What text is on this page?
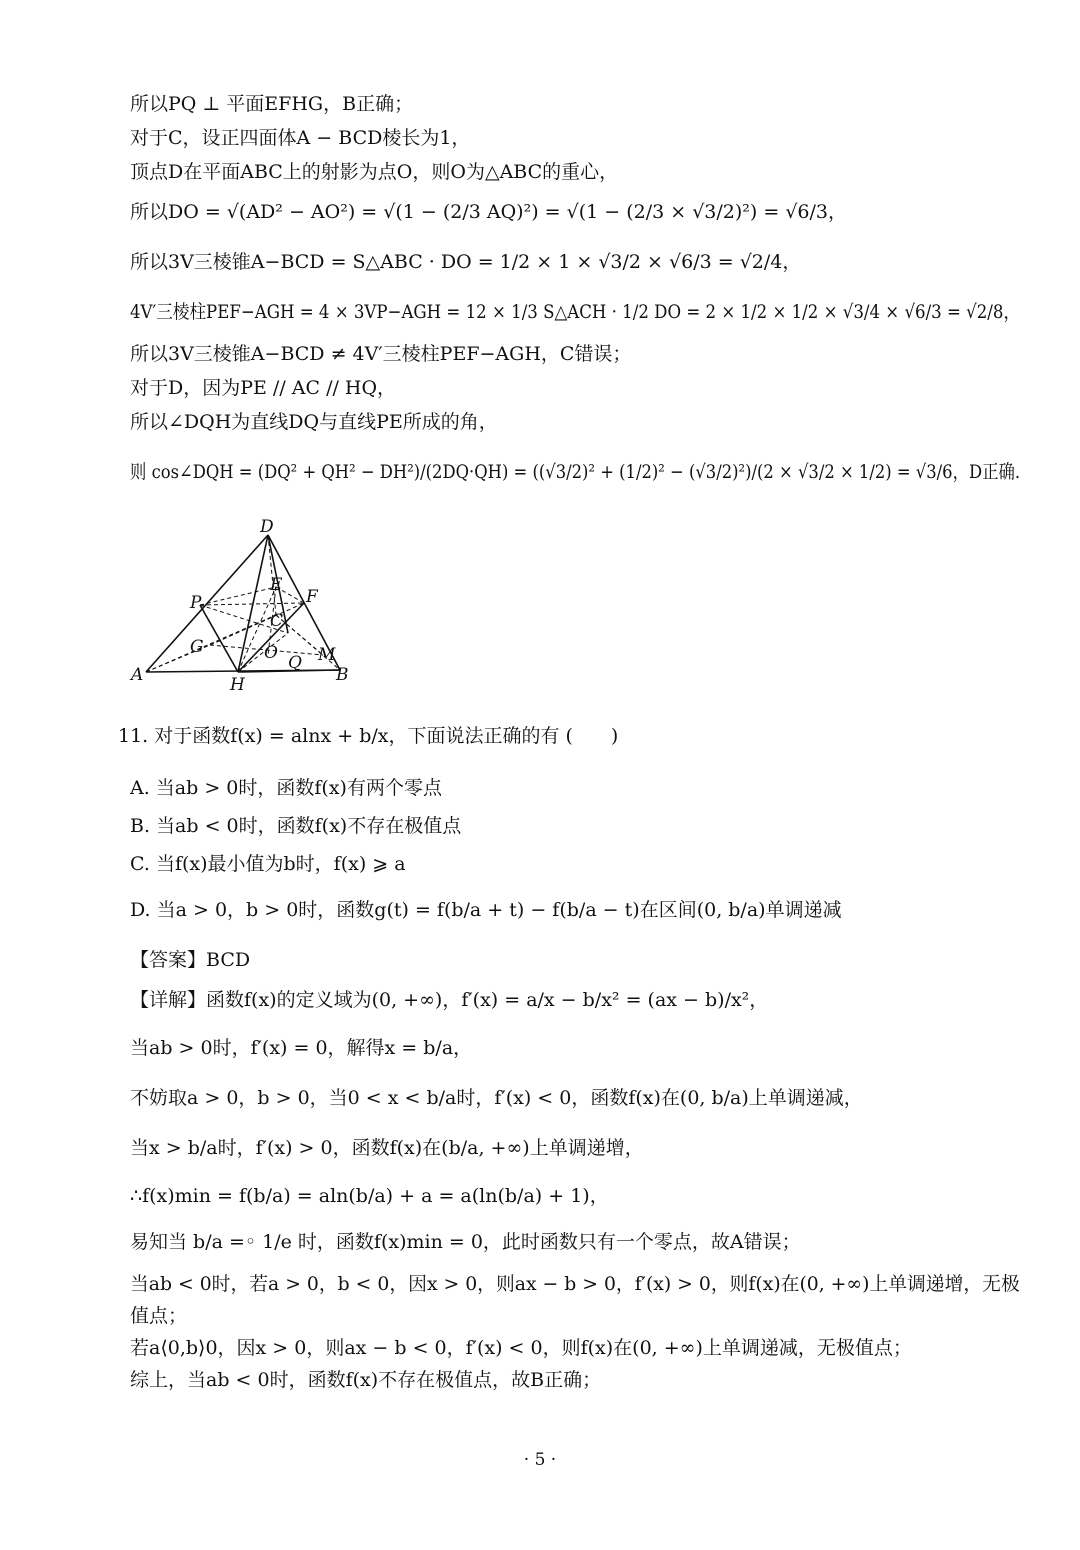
所以PQ ⊥ 平面EFHG，B正确；
对于C，设正四面体A − BCD棱长为1，
顶点D在平面ABC上的射影为点O，则O为△ABC的重心，
所以DO = √(AD² − AO²) = √(1 − (2/3 AQ)²) = √(1 − (2/3 × √3/2)²) = √6/3，
所以3V三棱锥A−BCD = S△ABC · DO = 1/2 × 1 × √3/2 × √6/3 = √2/4，
4V′三棱柱PEF−AGH = 4 × 3VP−AGH = 12 × 1/3 S△ACH · 1/2 DO = 2 × 1/2 × 1/2 × √3/4 × √6/3 = √2/8，
所以3V三棱锥A−BCD ≠ 4V′三棱柱PEF−AGH，C错误；
对于D，因为PE // AC // HQ，
所以∠DQH为直线DQ与直线PE所成的角，
则 cos∠DQH = (DQ² + QH² − DH²)/(2DQ·QH) = ((√3/2)² + (1/2)² − (√3/2)²)/(2 × √3/2 × 1/2) = √3/6，D正确.
D
E
F
P
C
G	O Q M
A	H	B
11. 对于函数f(x) = alnx + b/x，下面说法正确的有 (　　)
A. 当ab > 0时，函数f(x)有两个零点
B. 当ab < 0时，函数f(x)不存在极值点
C. 当f(x)最小值为b时，f(x) ⩾ a
D. 当a > 0，b > 0时，函数g(t) = f(b/a + t) − f(b/a − t)在区间(0, b/a)单调递减
【答案】BCD
【详解】函数f(x)的定义域为(0, +∞)，f′(x) = a/x − b/x² = (ax − b)/x²，
当ab > 0时，f′(x) = 0，解得x = b/a，
不妨取a > 0，b > 0，当0 < x < b/a时，f′(x) < 0，函数f(x)在(0, b/a)上单调递减，
当x > b/a时，f′(x) > 0，函数f(x)在(b/a, +∞)上单调递增，
∴f(x)min = f(b/a) = aln(b/a) + a = a(ln(b/a) + 1)，
易知当 b/a =◦ 1/e 时，函数f(x)min = 0，此时函数只有一个零点，故A错误；
当ab < 0时，若a > 0，b < 0，因x > 0，则ax − b > 0，f′(x) > 0，则f(x)在(0, +∞)上单调递增，无极
值点；
若a⟨0,b⟩0，因x > 0，则ax − b < 0，f′(x) < 0，则f(x)在(0, +∞)上单调递减，无极值点；
综上，当ab < 0时，函数f(x)不存在极值点，故B正确；
· 5 ·
